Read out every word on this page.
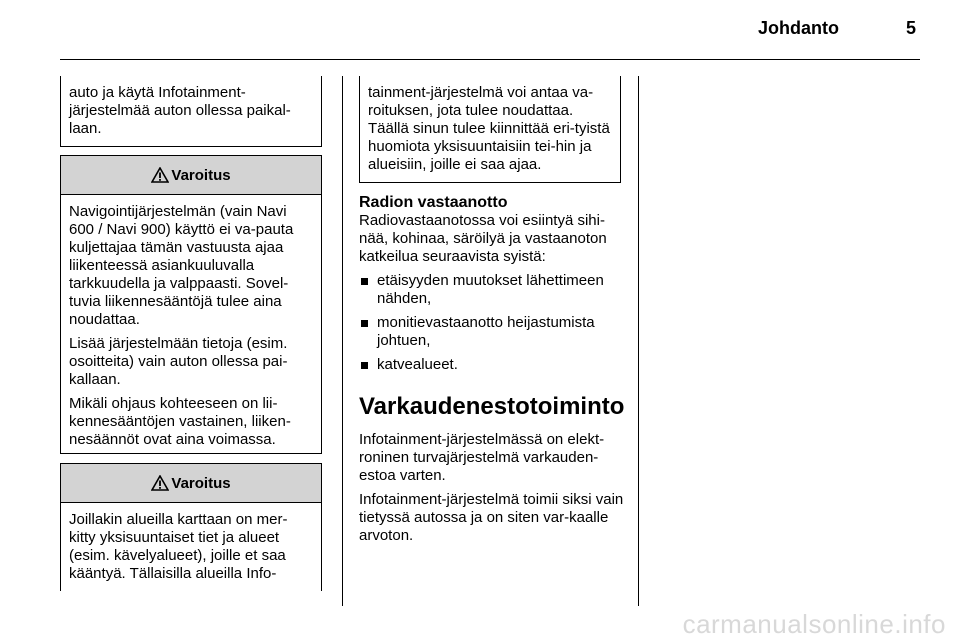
Johdanto	5
auto ja käytä Infotainment-järjestelmää auton ollessa paikal-laan.
Varoitus

Navigointijärjestelmän (vain Navi 600 / Navi 900) käyttö ei va-pauta kuljettajaa tämän vastuusta ajaa liikenteessä asiankuuluvalla tarkkuudella ja valppaasti. Sovel-tuvia liikennesääntöjä tulee aina noudattaa.

Lisää järjestelmään tietoja (esim. osoitteita) vain auton ollessa pai-kallaan.

Mikäli ohjaus kohteeseen on lii-kennesääntöjen vastainen, liiken-nesäännöt ovat aina voimassa.

Varoitus

Joillakin alueilla karttaan on mer-kitty yksisuuntaiset tiet ja alueet (esim. kävelyalueet), joille et saa kääntyä. Tällaisilla alueilla Info-

tainment-järjestelmä voi antaa va-roituksen, jota tulee noudattaa. Täällä sinun tulee kiinnittää eri-tyistä huomiota yksisuuntaisiin tei-hin ja alueisiin, joille ei saa ajaa.
Radion vastaanotto
Radiovastaanotossa voi esiintyä sihi-nää, kohinaa, säröilyä ja vastaanoton katkeilua seuraavista syistä:
etäisyyden muutokset lähettimeen nähden,
monitievastaanotto heijastumista johtuen,
katvealueet.
Varkaudenestotoiminto

Infotainment-järjestelmässä on elekt-roninen turvajärjestelmä varkauden-estoa varten.

Infotainment-järjestelmä toimii siksi vain tietyssä autossa ja on siten var-kaalle arvoton.

carmanualsonline.info
